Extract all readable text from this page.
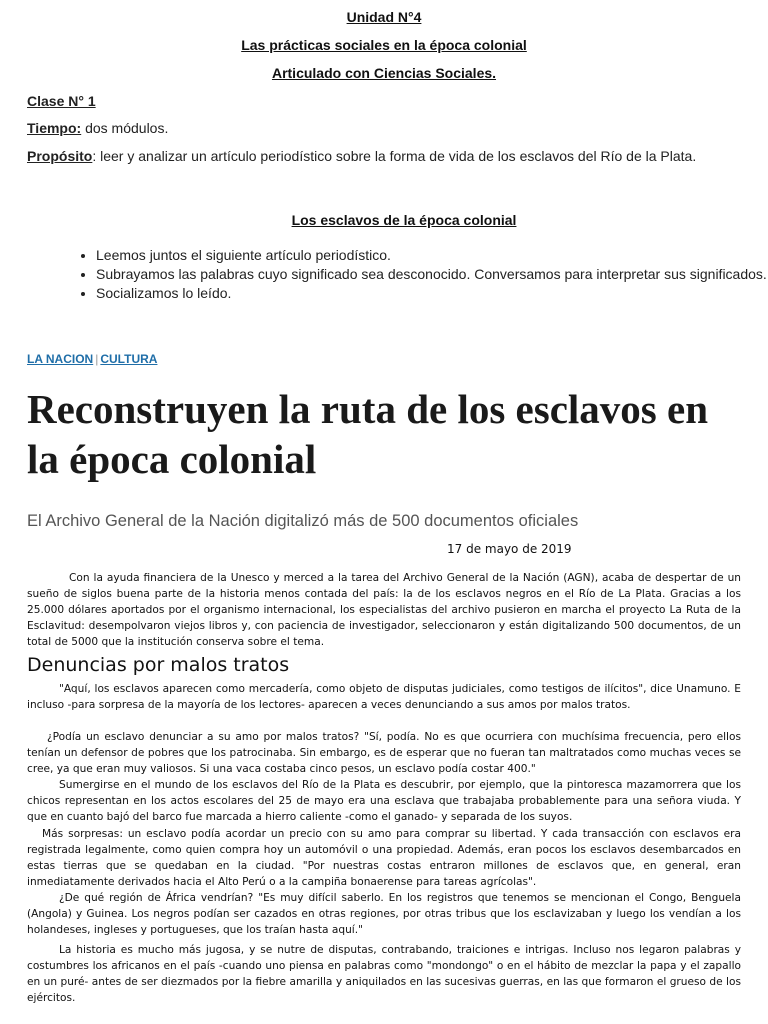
Unidad N°4

Las prácticas sociales en la época colonial

Articulado con Ciencias Sociales.

Clase N° 1
Tiempo: dos módulos.
Propósito: leer y analizar un artículo periodístico sobre la forma de vida de los esclavos del Río de la Plata.

Los esclavos de la época colonial

• Leemos juntos el siguiente artículo periodístico.
• Subrayamos las palabras cuyo significado sea desconocido. Conversamos para interpretar sus significados.
• Socializamos lo leído.
LA NACION | CULTURA
Reconstruyen la ruta de los esclavos en la época colonial
El Archivo General de la Nación digitalizó más de 500 documentos oficiales
17 de mayo de 2019

Con la ayuda financiera de la Unesco y merced a la tarea del Archivo General de la Nación (AGN), acaba de despertar de un sueño de siglos buena parte de la historia menos contada del país: la de los esclavos negros en el Río de La Plata. Gracias a los 25.000 dólares aportados por el organismo internacional, los especialistas del archivo pusieron en marcha el proyecto La Ruta de la Esclavitud: desempolvaron viejos libros y, con paciencia de investigador, seleccionaron y están digitalizando 500 documentos, de un total de 5000 que la institución conserva sobre el tema.

Denuncias por malos tratos

"Aquí, los esclavos aparecen como mercadería, como objeto de disputas judiciales, como testigos de ilícitos", dice Unamuno. E incluso -para sorpresa de la mayoría de los lectores- aparecen a veces denunciando a sus amos por malos tratos.

¿Podía un esclavo denunciar a su amo por malos tratos? "Sí, podía. No es que ocurriera con muchísima frecuencia, pero ellos tenían un defensor de pobres que los patrocinaba. Sin embargo, es de esperar que no fueran tan maltratados como muchas veces se cree, ya que eran muy valiosos. Si una vaca costaba cinco pesos, un esclavo podía costar 400."

Sumergirse en el mundo de los esclavos del Río de la Plata es descubrir, por ejemplo, que la pintoresca mazamorrera que los chicos representan en los actos escolares del 25 de mayo era una esclava que trabajaba probablemente para una señora viuda. Y que en cuanto bajó del barco fue marcada a hierro caliente -como el ganado- y separada de los suyos.

Más sorpresas: un esclavo podía acordar un precio con su amo para comprar su libertad. Y cada transacción con esclavos era registrada legalmente, como quien compra hoy un automóvil o una propiedad. Además, eran pocos los esclavos desembarcados en estas tierras que se quedaban en la ciudad. "Por nuestras costas entraron millones de esclavos que, en general, eran inmediatamente derivados hacia el Alto Perú o a la campiña bonaerense para tareas agrícolas".

¿De qué región de África vendrían? "Es muy difícil saberlo. En los registros que tenemos se mencionan el Congo, Benguela (Angola) y Guinea. Los negros podían ser cazados en otras regiones, por otras tribus que los esclavizaban y luego los vendían a los holandeses, ingleses y portugueses, que los traían hasta aquí."

La historia es mucho más jugosa, y se nutre de disputas, contrabando, traiciones e intrigas. Incluso nos legaron palabras y costumbres los africanos en el país -cuando uno piensa en palabras como "mondongo" o en el hábito de mezclar la papa y el zapallo en un puré- antes de ser diezmados por la fiebre amarilla y aniquilados en las sucesivas guerras, en las que formaron el grueso de los ejércitos.
